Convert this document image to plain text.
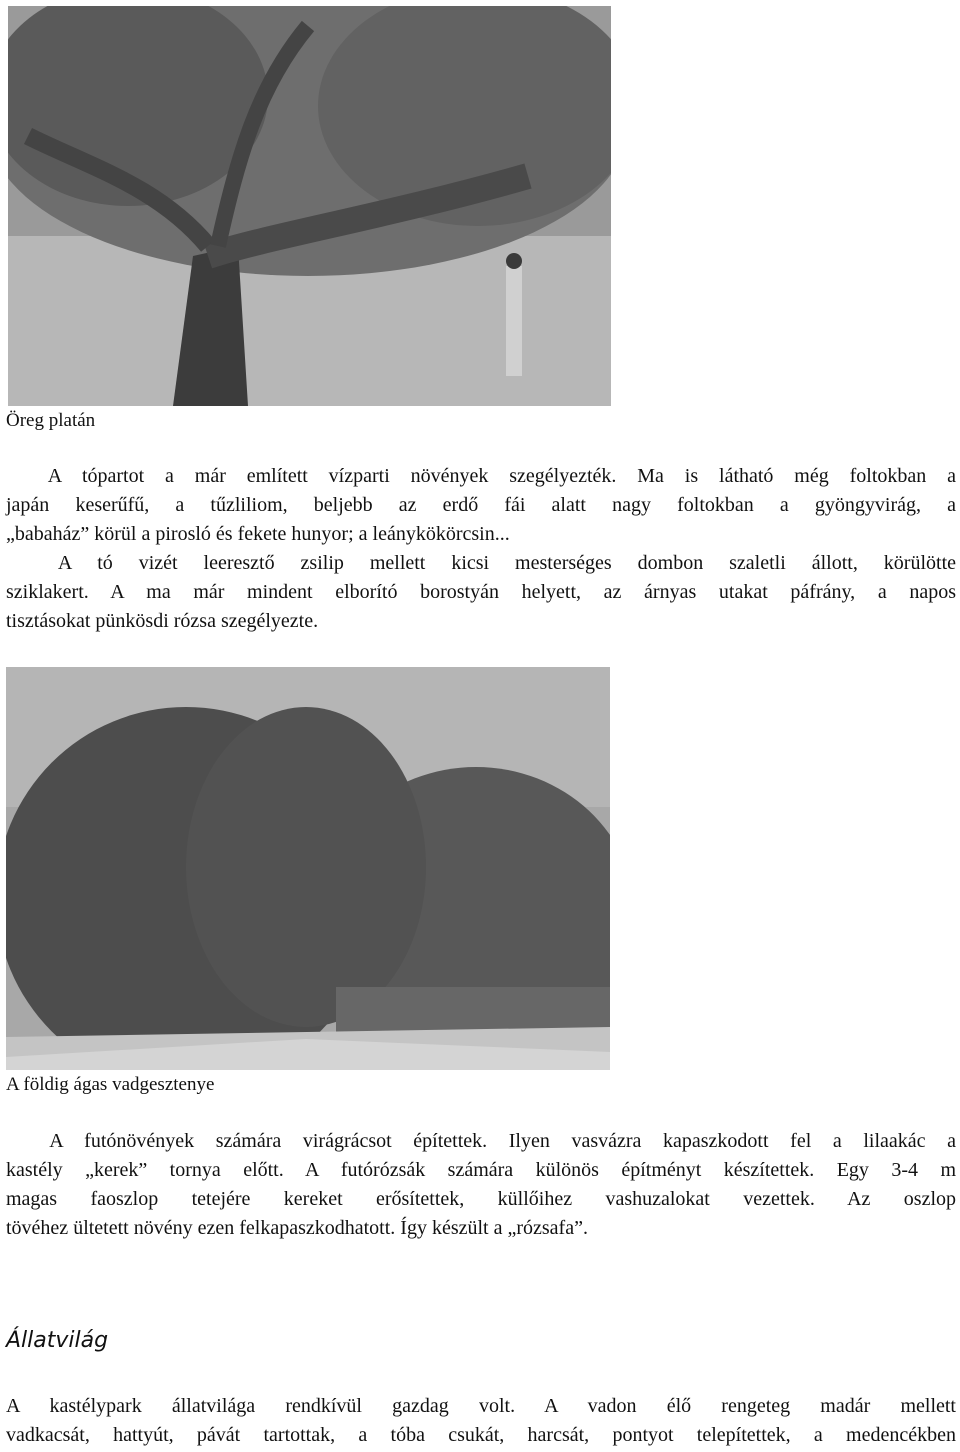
Öreg platán

A tópartot a már említett vízparti növények szegélyezték. Ma is látható még foltokban a
japán keserűfű, a tűzliliom, beljebb az erdő fái alatt nagy foltokban a gyöngyvirág, a
„babaház” körül a pirosló és fekete hunyor; a leánykökörcsin...
A tó vizét leeresztő zsilip mellett kicsi mesterséges dombon szaletli állott, körülötte
sziklakert. A ma már mindent elborító borostyán helyett, az árnyas utakat páfrány, a napos
tisztásokat pünkösdi rózsa szegélyezte.

A földig ágas vadgesztenye

A futónövények számára virágrácsot építettek. Ilyen vasvázra kapaszkodott fel a lilaakác a
kastély „kerek” tornya előtt. A futórózsák számára különös építményt készítettek. Egy 3-4 m
magas faoszlop tetejére kereket erősítettek, küllőihez vashuzalokat vezettek. Az oszlop
tövéhez ültetett növény ezen felkapaszkodhatott. Így készült a „rózsafa”.
Állatvilág
A kastélypark állatvilága rendkívül gazdag volt. A vadon élő rengeteg madár mellett
vadkacsát, hattyút, pávát tartottak, a tóba csukát, harcsát, pontyot telepítettek, a medencékben
